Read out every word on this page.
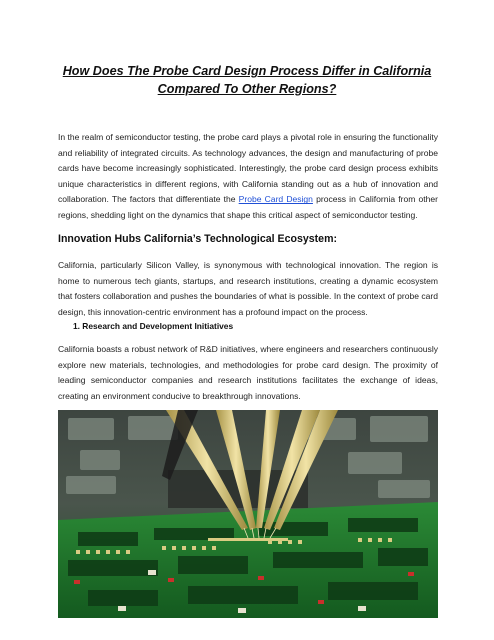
How Does The Probe Card Design Process Differ in California Compared To Other Regions?
In the realm of semiconductor testing, the probe card plays a pivotal role in ensuring the functionality and reliability of integrated circuits. As technology advances, the design and manufacturing of probe cards have become increasingly sophisticated. Interestingly, the probe card design process exhibits unique characteristics in different regions, with California standing out as a hub of innovation and collaboration. The factors that differentiate the Probe Card Design process in California from other regions, shedding light on the dynamics that shape this critical aspect of semiconductor testing.
Innovation Hubs California’s Technological Ecosystem:
California, particularly Silicon Valley, is synonymous with technological innovation. The region is home to numerous tech giants, startups, and research institutions, creating a dynamic ecosystem that fosters collaboration and pushes the boundaries of what is possible. In the context of probe card design, this innovation-centric environment has a profound impact on the process.
1. Research and Development Initiatives
California boasts a robust network of R&D initiatives, where engineers and researchers continuously explore new materials, technologies, and methodologies for probe card design. The proximity of leading semiconductor companies and research institutions facilitates the exchange of ideas, creating an environment conducive to breakthrough innovations.
